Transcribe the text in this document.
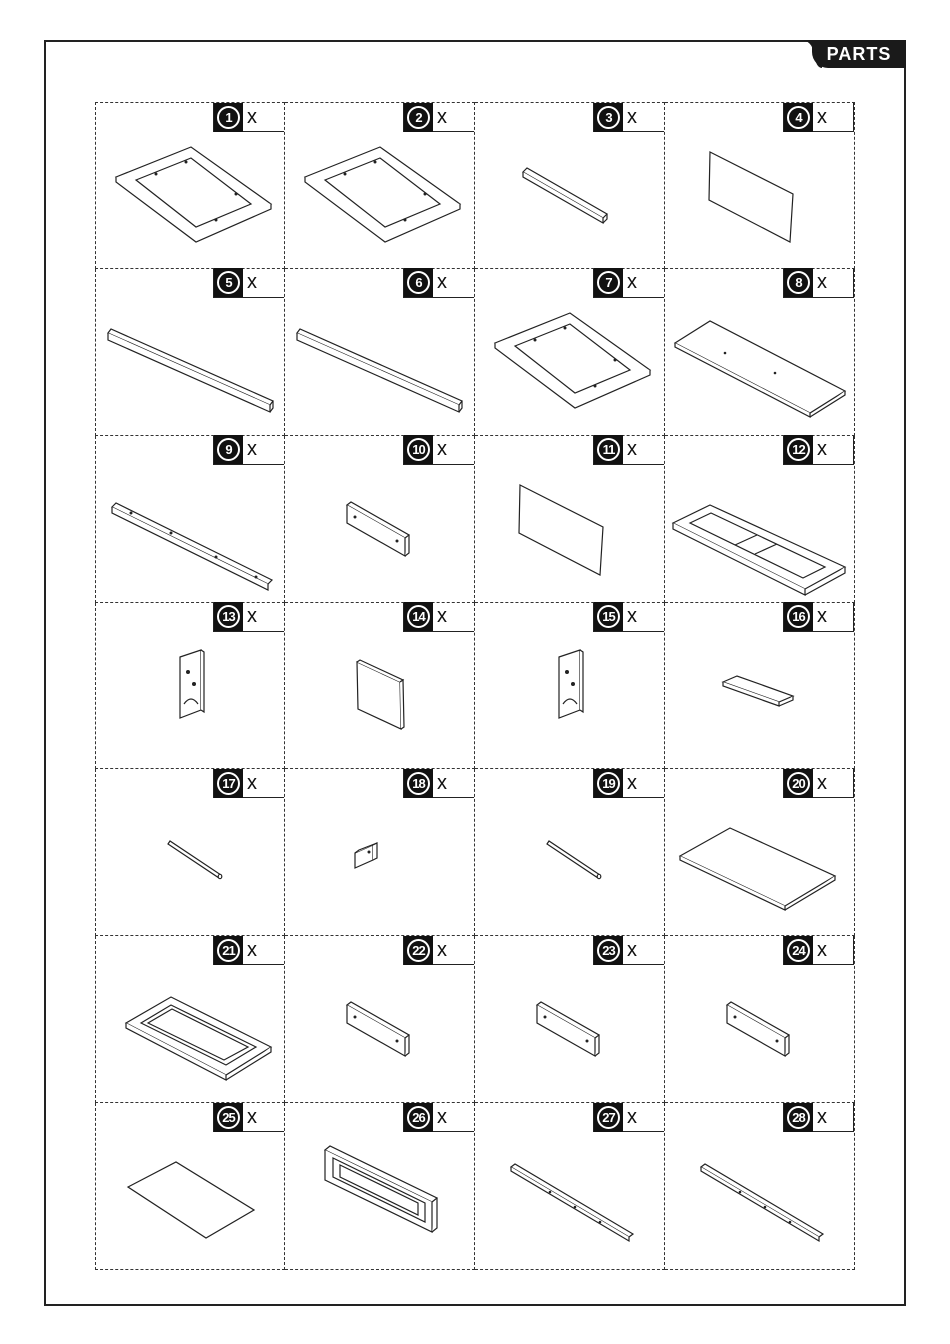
PARTS
1 x	2 x	3 x	4 x
5 x	6 x	7 x	8 x
9 x	10 x	11 x	12 x
13 x	14 x	15 x	16 x
17 x	18 x	19 x	20 x
21 x	22 x	23 x	24 x
25 x	26 x	27 x	28 x
